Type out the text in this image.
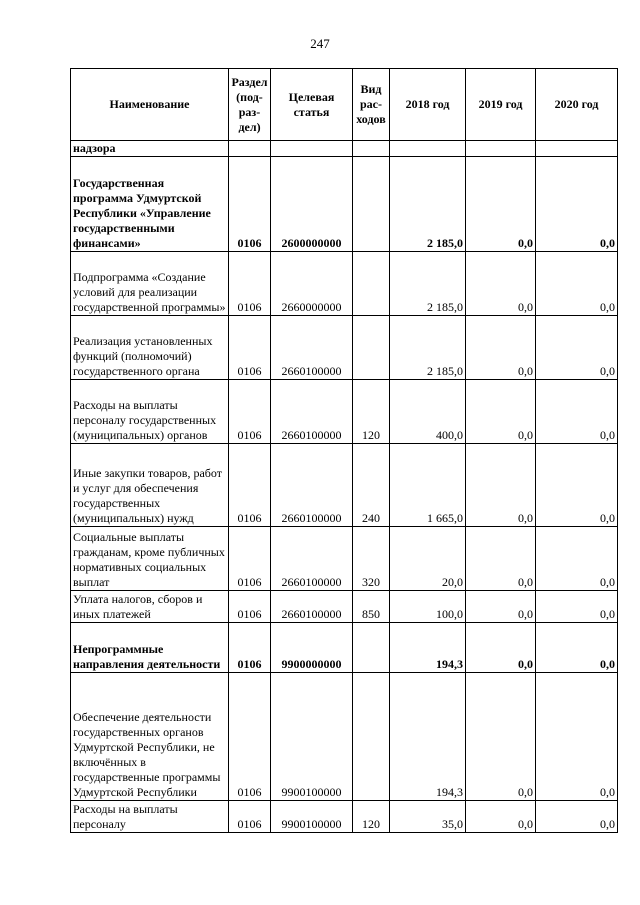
247
Наименование	Раздел (под-раз-дел)	Целевая статья	Вид рас-ходов	2018 год	2019 год	2020 год
надзора						
Государственная программа Удмуртской Республики «Управление государственными финансами»	0106	2600000000		2 185,0	0,0	0,0
Подпрограмма «Создание условий для реализации государственной программы»	0106	2660000000		2 185,0	0,0	0,0
Реализация установленных функций (полномочий) государственного органа	0106	2660100000		2 185,0	0,0	0,0
Расходы на выплаты персоналу государственных (муниципальных) органов	0106	2660100000	120	400,0	0,0	0,0
Иные закупки товаров, работ и услуг для обеспечения государственных (муниципальных) нужд	0106	2660100000	240	1 665,0	0,0	0,0
Социальные выплаты гражданам, кроме публичных нормативных социальных выплат	0106	2660100000	320	20,0	0,0	0,0
Уплата налогов, сборов и иных платежей	0106	2660100000	850	100,0	0,0	0,0
Непрограммные направления деятельности	0106	9900000000		194,3	0,0	0,0
Обеспечение деятельности государственных органов Удмуртской Республики, не включённых в государственные программы Удмуртской Республики	0106	9900100000		194,3	0,0	0,0
Расходы на выплаты персоналу	0106	9900100000	120	35,0	0,0	0,0
